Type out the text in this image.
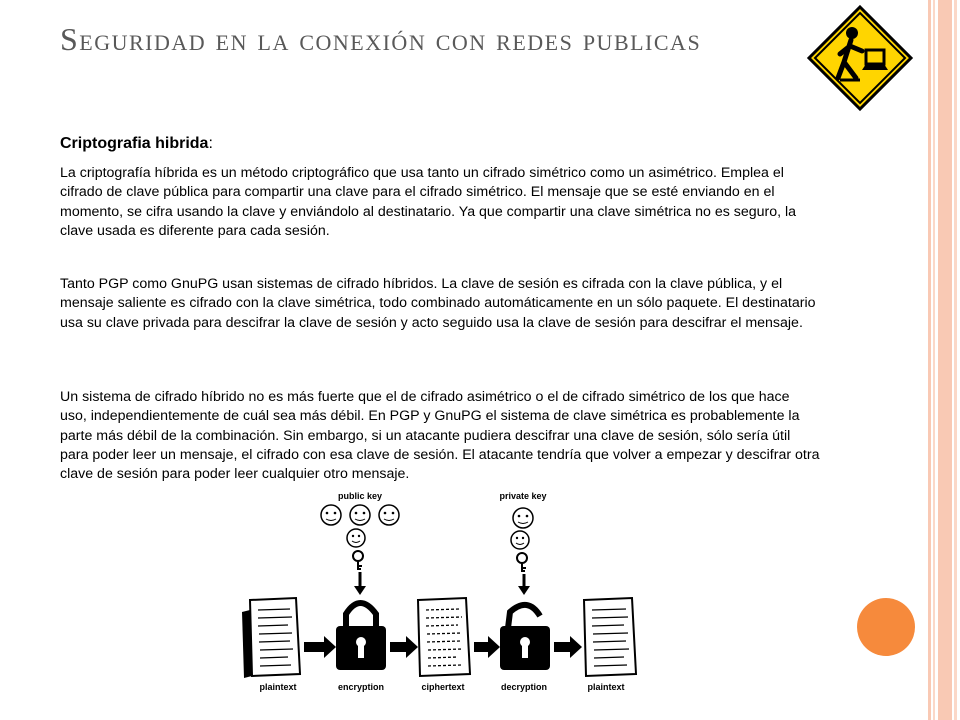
Seguridad en la conexión con redes publicas

Criptografia hibrida:

La criptografía híbrida es un método criptográfico que usa tanto un cifrado simétrico como un asimétrico. Emplea el cifrado de clave pública para compartir una clave para el cifrado simétrico. El mensaje que se esté enviando en el momento, se cifra usando la clave y enviándolo al destinatario. Ya que compartir una clave simétrica no es seguro, la clave usada es diferente para cada sesión.

Tanto PGP como GnuPG usan sistemas de cifrado híbridos. La clave de sesión es cifrada con la clave pública, y el mensaje saliente es cifrado con la clave simétrica, todo combinado automáticamente en un sólo paquete. El destinatario usa su clave privada para descifrar la clave de sesión y acto seguido usa la clave de sesión para descifrar el mensaje.

Un sistema de cifrado híbrido no es más fuerte que el de cifrado asimétrico o el de cifrado simétrico de los que hace uso, independientemente de cuál sea más débil. En PGP y GnuPG el sistema de clave simétrica es probablemente la parte más débil de la combinación. Sin embargo, si un atacante pudiera descifrar una clave de sesión, sólo sería útil para poder leer un mensaje, el cifrado con esa clave de sesión. El atacante tendría que volver a empezar y descifrar otra clave de sesión para poder leer cualquier otro mensaje.

public key	private key
plaintext	encryption	ciphertext	decryption	plaintext
